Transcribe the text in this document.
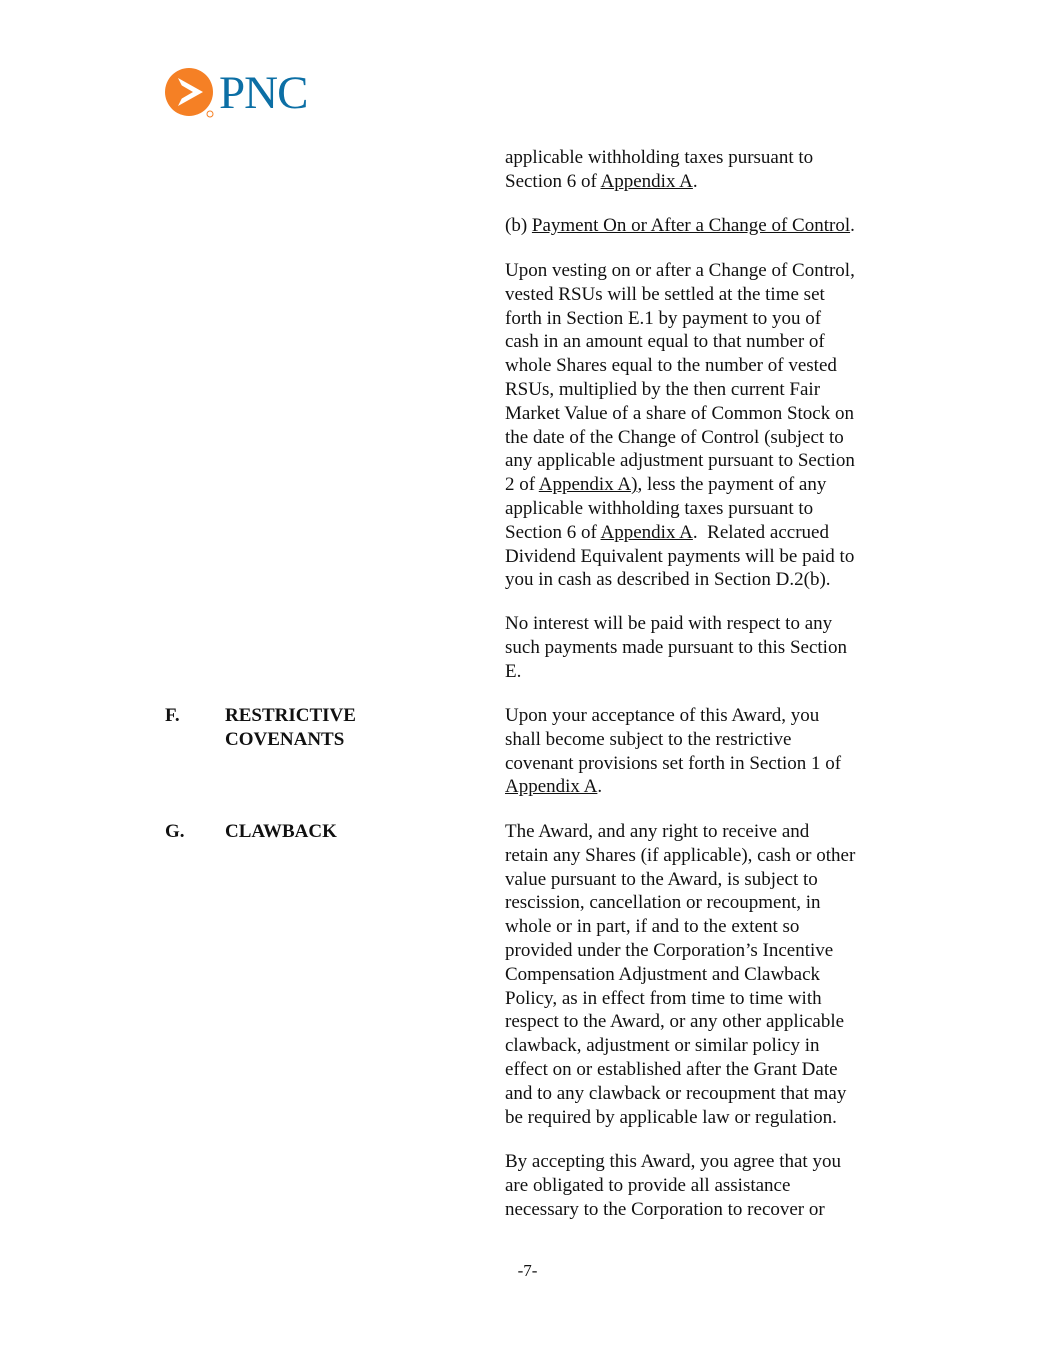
PNC
applicable withholding taxes pursuant to
Section 6 of Appendix A.
(b) Payment On or After a Change of Control.
Upon vesting on or after a Change of Control,
vested RSUs will be settled at the time set
forth in Section E.1 by payment to you of
cash in an amount equal to that number of
whole Shares equal to the number of vested
RSUs, multiplied by the then current Fair
Market Value of a share of Common Stock on
the date of the Change of Control (subject to
any applicable adjustment pursuant to Section
2 of Appendix A), less the payment of any
applicable withholding taxes pursuant to
Section 6 of Appendix A.  Related accrued
Dividend Equivalent payments will be paid to
you in cash as described in Section D.2(b).
No interest will be paid with respect to any
such payments made pursuant to this Section
E.
F. RESTRICTIVE
COVENANTS
Upon your acceptance of this Award, you
shall become subject to the restrictive
covenant provisions set forth in Section 1 of
Appendix A.
G. CLAWBACK	The Award, and any right to receive and
retain any Shares (if applicable), cash or other
value pursuant to the Award, is subject to
rescission, cancellation or recoupment, in
whole or in part, if and to the extent so
provided under the Corporation’s Incentive
Compensation Adjustment and Clawback
Policy, as in effect from time to time with
respect to the Award, or any other applicable
clawback, adjustment or similar policy in
effect on or established after the Grant Date
and to any clawback or recoupment that may
be required by applicable law or regulation.
By accepting this Award, you agree that you
are obligated to provide all assistance
necessary to the Corporation to recover or
-7-
